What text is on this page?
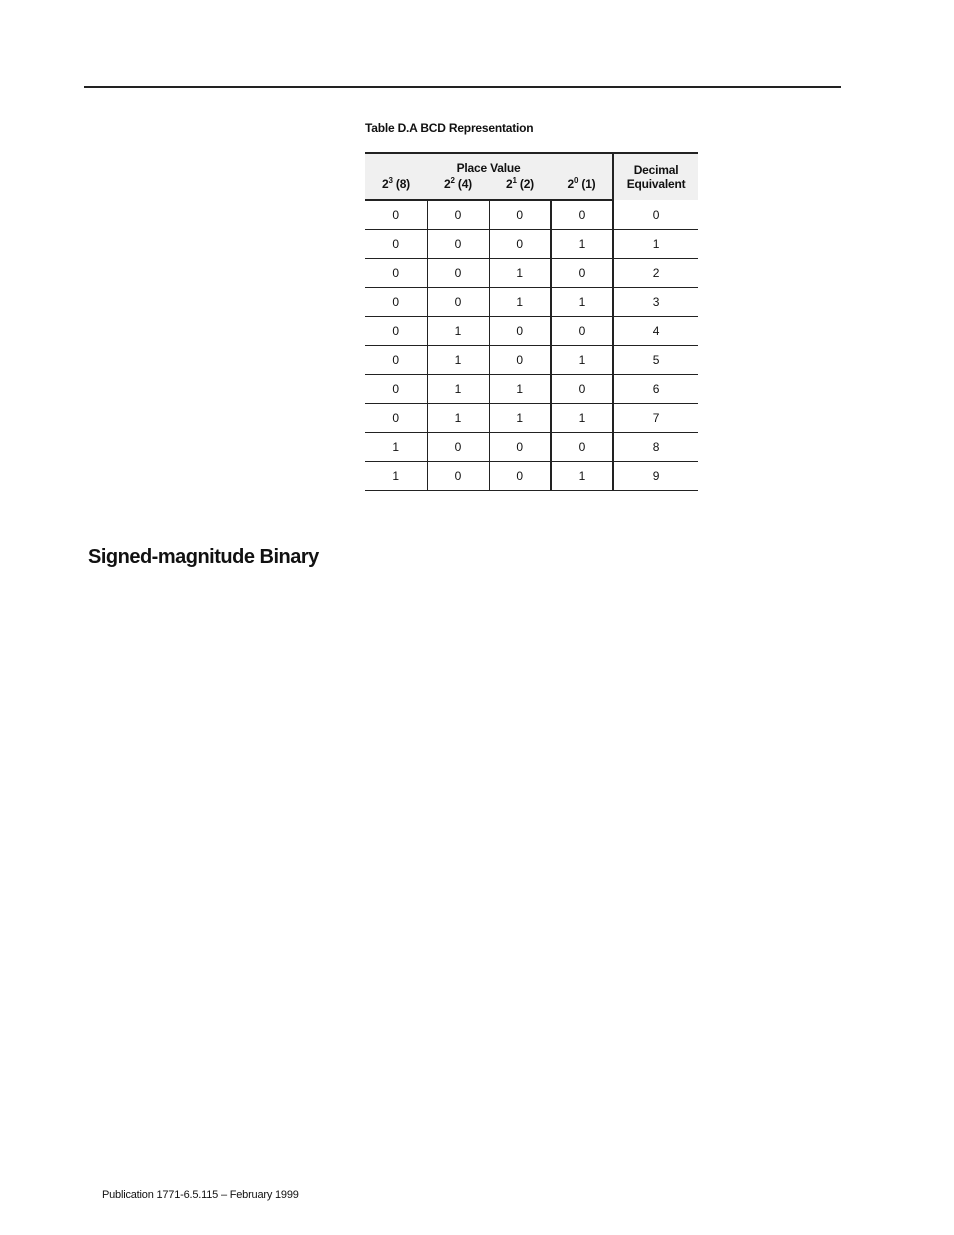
Table D.A BCD Representation
Place Value				Decimal
Equivalent
$2^3$ (8)	$2^2$ (4)	$2^1$ (2)	$2^0$ (1)	
0	0	0	0	0
0	0	0	1	1
0	0	1	0	2
0	0	1	1	3
0	1	0	0	4
0	1	0	1	5
0	1	1	0	6
0	1	1	1	7
1	0	0	0	8
1	0	0	1	9
Signed-magnitude Binary
Publication 1771-6.5.115 – February 1999
